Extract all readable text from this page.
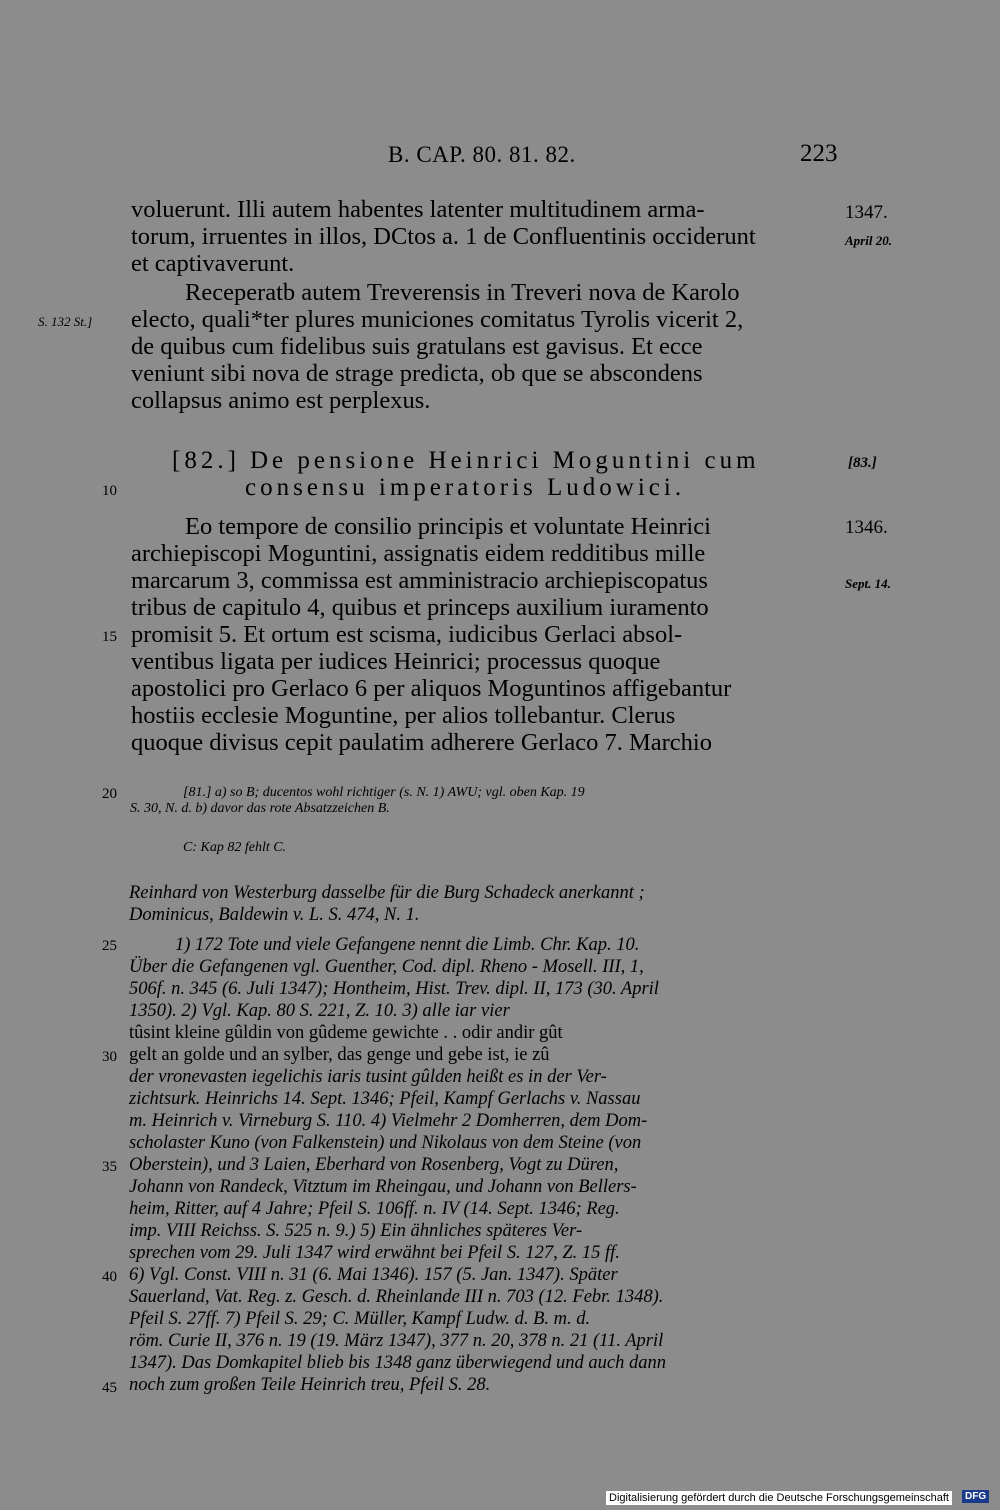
B. CAP. 80. 81. 82.	223
voluerunt. Illi autem habentes latenter multitudinem arma-
torum, irruentes in illos, DCtos a. 1 de Confluentinis occiderunt
et captivaverunt.
Receperatb autem Treverensis in Treveri nova de Karolo
electo, quali*ter plures municiones comitatus Tyrolis vicerit 2,
de quibus cum fidelibus suis gratulans est gavisus. Et ecce
veniunt sibi nova de strage predicta, ob que se abscondens
collapsus animo est perplexus.
1347.
April 20.
S. 132 St.]
[82.] De pensione Heinrici Moguntini cum
consensu imperatoris Ludowici.
[83.]
10
Eo tempore de consilio principis et voluntate Heinrici
archiepiscopi Moguntini, assignatis eidem redditibus mille
marcarum 3, commissa est amministracio archiepiscopatus
tribus de capitulo 4, quibus et princeps auxilium iuramento
promisit 5. Et ortum est scisma, iudicibus Gerlaci absol-
ventibus ligata per iudices Heinrici; processus quoque
apostolici pro Gerlaco 6 per aliquos Moguntinos affigebantur
hostiis ecclesie Moguntine, per alios tollebantur. Clerus
quoque divisus cepit paulatim adherere Gerlaco 7. Marchio
1346.
Sept. 14.
15
20
25
30
35
40
45
[81.] a) so B; ducentos wohl richtiger (s. N. 1) AWU; vgl. oben Kap. 19
S. 30, N. d. b) davor das rote Absatzzeichen B.
C: Kap 82 fehlt C.
Reinhard von Westerburg dasselbe für die Burg Schadeck anerkannt ;
Dominicus, Baldewin v. L. S. 474, N. 1.
1) 172 Tote und viele Gefangene nennt die Limb. Chr. Kap. 10.
Über die Gefangenen vgl. Guenther, Cod. dipl. Rheno - Mosell. III, 1,
506f. n. 345 (6. Juli 1347); Hontheim, Hist. Trev. dipl. II, 173 (30. April
1350). 2) Vgl. Kap. 80 S. 221, Z. 10. 3) alle iar vier
tûsint kleine gûldin von gûdeme gewichte . . odir andir gût
gelt an golde und an sylber, das genge und gebe ist, ie zû
der vronevasten iegelichis iaris tusint gûlden heißt es in der Ver-
zichtsurk. Heinrichs 14. Sept. 1346; Pfeil, Kampf Gerlachs v. Nassau
m. Heinrich v. Virneburg S. 110. 4) Vielmehr 2 Domherren, dem Dom-
scholaster Kuno (von Falkenstein) und Nikolaus von dem Steine (von
Oberstein), und 3 Laien, Eberhard von Rosenberg, Vogt zu Düren,
Johann von Randeck, Vitztum im Rheingau, und Johann von Bellers-
heim, Ritter, auf 4 Jahre; Pfeil S. 106ff. n. IV (14. Sept. 1346; Reg.
imp. VIII Reichss. S. 525 n. 9.) 5) Ein ähnliches späteres Ver-
sprechen vom 29. Juli 1347 wird erwähnt bei Pfeil S. 127, Z. 15 ff.
6) Vgl. Const. VIII n. 31 (6. Mai 1346). 157 (5. Jan. 1347). Später
Sauerland, Vat. Reg. z. Gesch. d. Rheinlande III n. 703 (12. Febr. 1348).
Pfeil S. 27ff. 7) Pfeil S. 29; C. Müller, Kampf Ludw. d. B. m. d.
röm. Curie II, 376 n. 19 (19. März 1347), 377 n. 20, 378 n. 21 (11. April
1347). Das Domkapitel blieb bis 1348 ganz überwiegend und auch dann
noch zum großen Teile Heinrich treu, Pfeil S. 28.
Digitalisierung gefördert durch die Deutsche Forschungsgemeinschaft	DFG
